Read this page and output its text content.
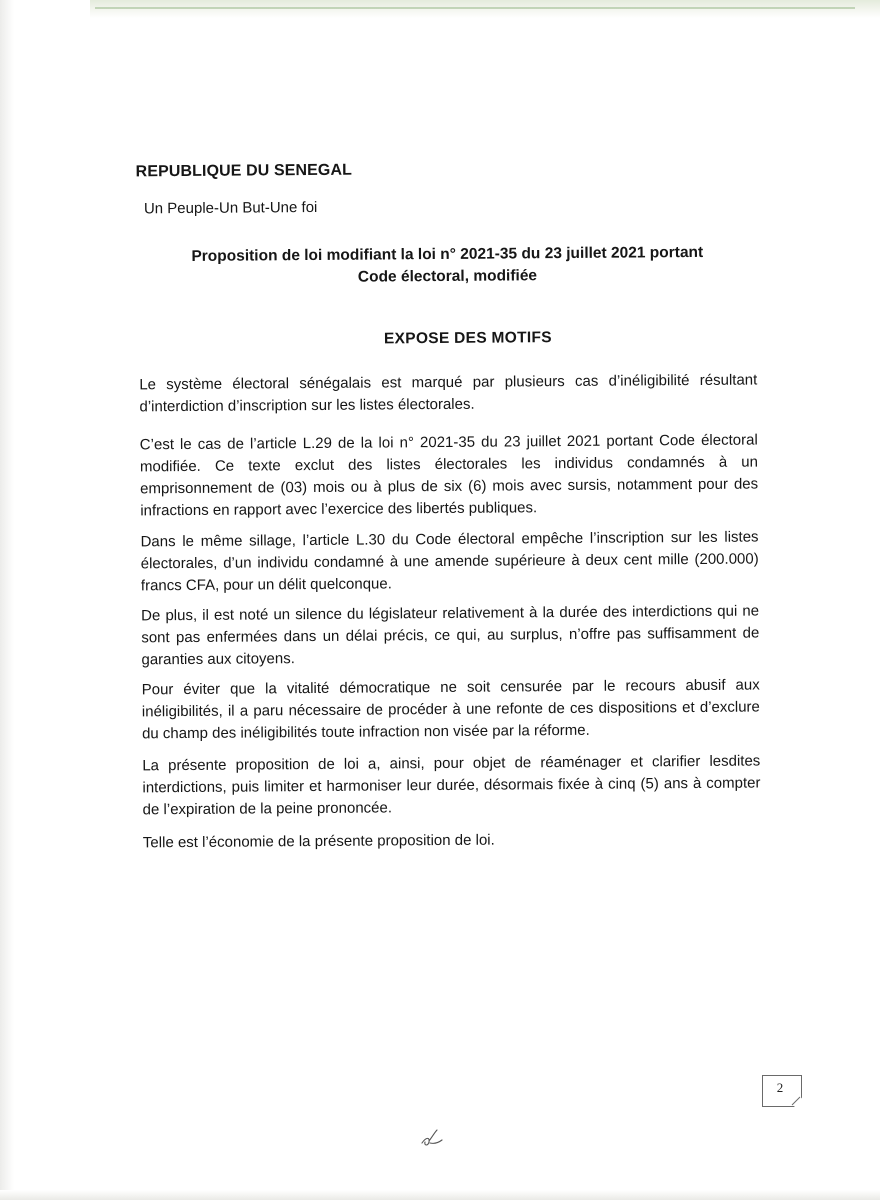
REPUBLIQUE DU SENEGAL

Un Peuple-Un But-Une foi

Proposition de loi modifiant la loi n° 2021-35 du 23 juillet 2021 portant
Code électoral, modifiée
EXPOSE DES MOTIFS

Le système électoral sénégalais est marqué par plusieurs cas d’inéligibilité résultant d’interdiction d’inscription sur les listes électorales.

C’est le cas de l’article L.29 de la loi n° 2021-35 du 23 juillet 2021 portant Code électoral modifiée. Ce texte exclut des listes électorales les individus condamnés à un emprisonnement de (03) mois ou à plus de six (6) mois avec sursis, notamment pour des infractions en rapport avec l’exercice des libertés publiques.

Dans le même sillage, l’article L.30 du Code électoral empêche l’inscription sur les listes électorales, d’un individu condamné à une amende supérieure à deux cent mille (200.000) francs CFA, pour un délit quelconque.

De plus, il est noté un silence du législateur relativement à la durée des interdictions qui ne sont pas enfermées dans un délai précis, ce qui, au surplus, n’offre pas suffisamment de garanties aux citoyens.

Pour éviter que la vitalité démocratique ne soit censurée par le recours abusif aux inéligibilités, il a paru nécessaire de procéder à une refonte de ces dispositions et d’exclure du champ des inéligibilités toute infraction non visée par la réforme.

La présente proposition de loi a, ainsi, pour objet de réaménager et clarifier lesdites interdictions, puis limiter et harmoniser leur durée, désormais fixée à cinq (5) ans à compter de l’expiration de la peine prononcée.

Telle est l’économie de la présente proposition de loi.

2
